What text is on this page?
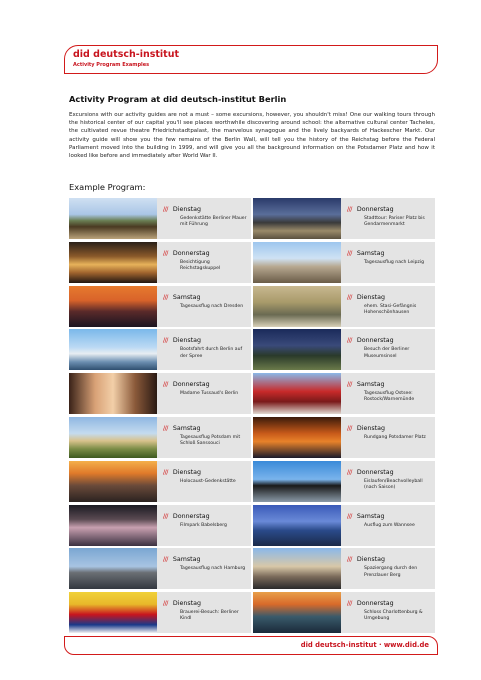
did deutsch-institut
Activity Program Examples
Activity Program at did deutsch-institut Berlin

Excursions with our activity guides are not a must – some excursions, however, you shouldn't miss! One our walking tours through the historical center of our capital you'll see places worthwhile discovering around school: the alternative cultural center Tacheles, the cultivated revue theatre Friedrichstadtpalast, the marvelous synagogue and the lively backyards of Hackescher Markt. Our activity guide will show you the few remains of the Berlin Wall, will tell you the history of the Reichstag before the Federal Parliament moved into the building in 1999, and will give you all the background information on the Potsdamer Platz and how it looked like before and immediately after World War II.

Example Program:
/// Dienstag
Gedenkstätte Berliner Mauer mit Führung
/// Donnerstag
Stadttour: Pariser Platz bis Gendarmenmarkt
/// Donnerstag
Besichtigung Reichstagskuppel
/// Samstag
Tagesausflug nach Leipzig
/// Samstag
Tagesausflug nach Dresden
/// Dienstag
ehem. Stasi-Gefängnis Hohenschönhausen
/// Dienstag
Bootsfahrt durch Berlin auf der Spree
/// Donnerstag
Besuch der Berliner Museumsinsel
/// Donnerstag
Madame Tussaud's Berlin
/// Samstag
Tagesausflug Ostsee: Rostock/Warnemünde
/// Samstag
Tagesausflug Potsdam mit Schloß Sanssouci
/// Dienstag
Rundgang Potsdamer Platz
/// Dienstag
Holocaust-Gedenkstätte
/// Donnerstag
Eislaufen/Beachvolleyball (nach Saison)
/// Donnerstag
Filmpark Babelsberg
/// Samstag
Ausflug zum Wannsee
/// Samstag
Tagesausflug nach Hamburg
/// Dienstag
Spaziergang durch den Prenzlauer Berg
/// Dienstag
Brauerei-Besuch: Berliner Kindl
/// Donnerstag
Schloss Charlottenburg & Umgebung
did deutsch-institut · www.did.de
